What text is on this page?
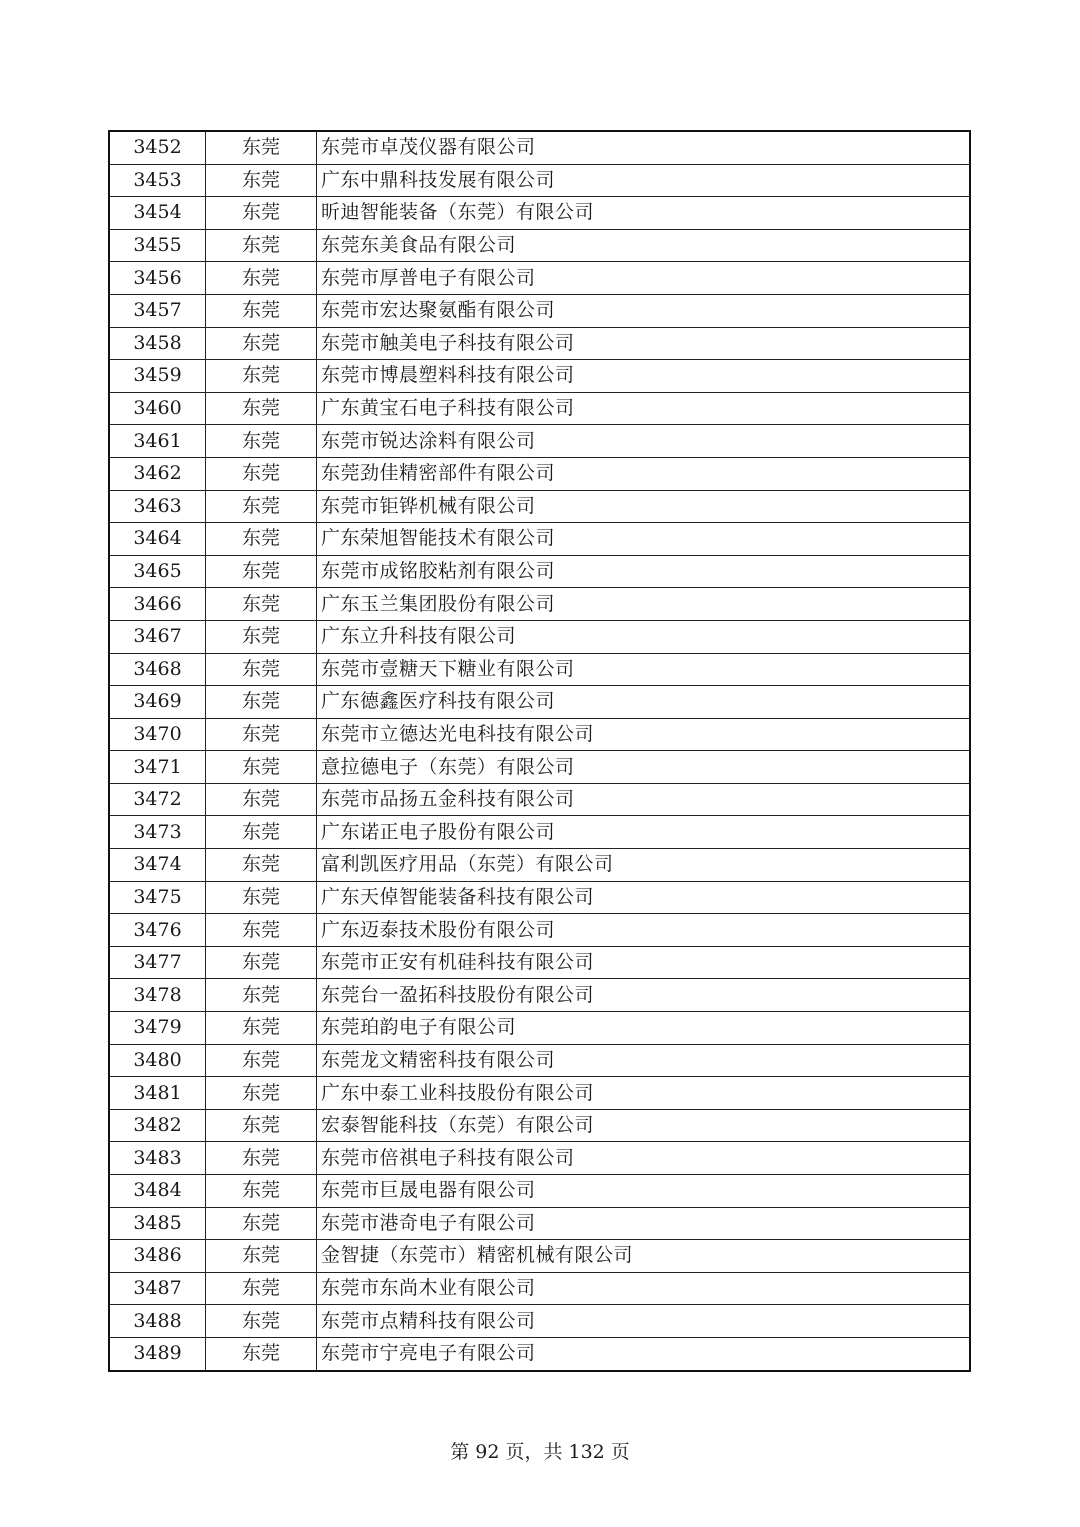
3452	东莞	东莞市卓茂仪器有限公司
3453	东莞	广东中鼎科技发展有限公司
3454	东莞	昕迪智能装备（东莞）有限公司
3455	东莞	东莞东美食品有限公司
3456	东莞	东莞市厚普电子有限公司
3457	东莞	东莞市宏达聚氨酯有限公司
3458	东莞	东莞市触美电子科技有限公司
3459	东莞	东莞市博晨塑料科技有限公司
3460	东莞	广东黄宝石电子科技有限公司
3461	东莞	东莞市锐达涂料有限公司
3462	东莞	东莞劲佳精密部件有限公司
3463	东莞	东莞市钜铧机械有限公司
3464	东莞	广东荣旭智能技术有限公司
3465	东莞	东莞市成铭胶粘剂有限公司
3466	东莞	广东玉兰集团股份有限公司
3467	东莞	广东立升科技有限公司
3468	东莞	东莞市壹糖天下糖业有限公司
3469	东莞	广东德鑫医疗科技有限公司
3470	东莞	东莞市立德达光电科技有限公司
3471	东莞	意拉德电子（东莞）有限公司
3472	东莞	东莞市品扬五金科技有限公司
3473	东莞	广东诺正电子股份有限公司
3474	东莞	富利凯医疗用品（东莞）有限公司
3475	东莞	广东天倬智能装备科技有限公司
3476	东莞	广东迈泰技术股份有限公司
3477	东莞	东莞市正安有机硅科技有限公司
3478	东莞	东莞台一盈拓科技股份有限公司
3479	东莞	东莞珀韵电子有限公司
3480	东莞	东莞龙文精密科技有限公司
3481	东莞	广东中泰工业科技股份有限公司
3482	东莞	宏泰智能科技（东莞）有限公司
3483	东莞	东莞市倍祺电子科技有限公司
3484	东莞	东莞市巨晟电器有限公司
3485	东莞	东莞市港奇电子有限公司
3486	东莞	金智捷（东莞市）精密机械有限公司
3487	东莞	东莞市东尚木业有限公司
3488	东莞	东莞市点精科技有限公司
3489	东莞	东莞市宁亮电子有限公司
第 92 页，共 132 页
